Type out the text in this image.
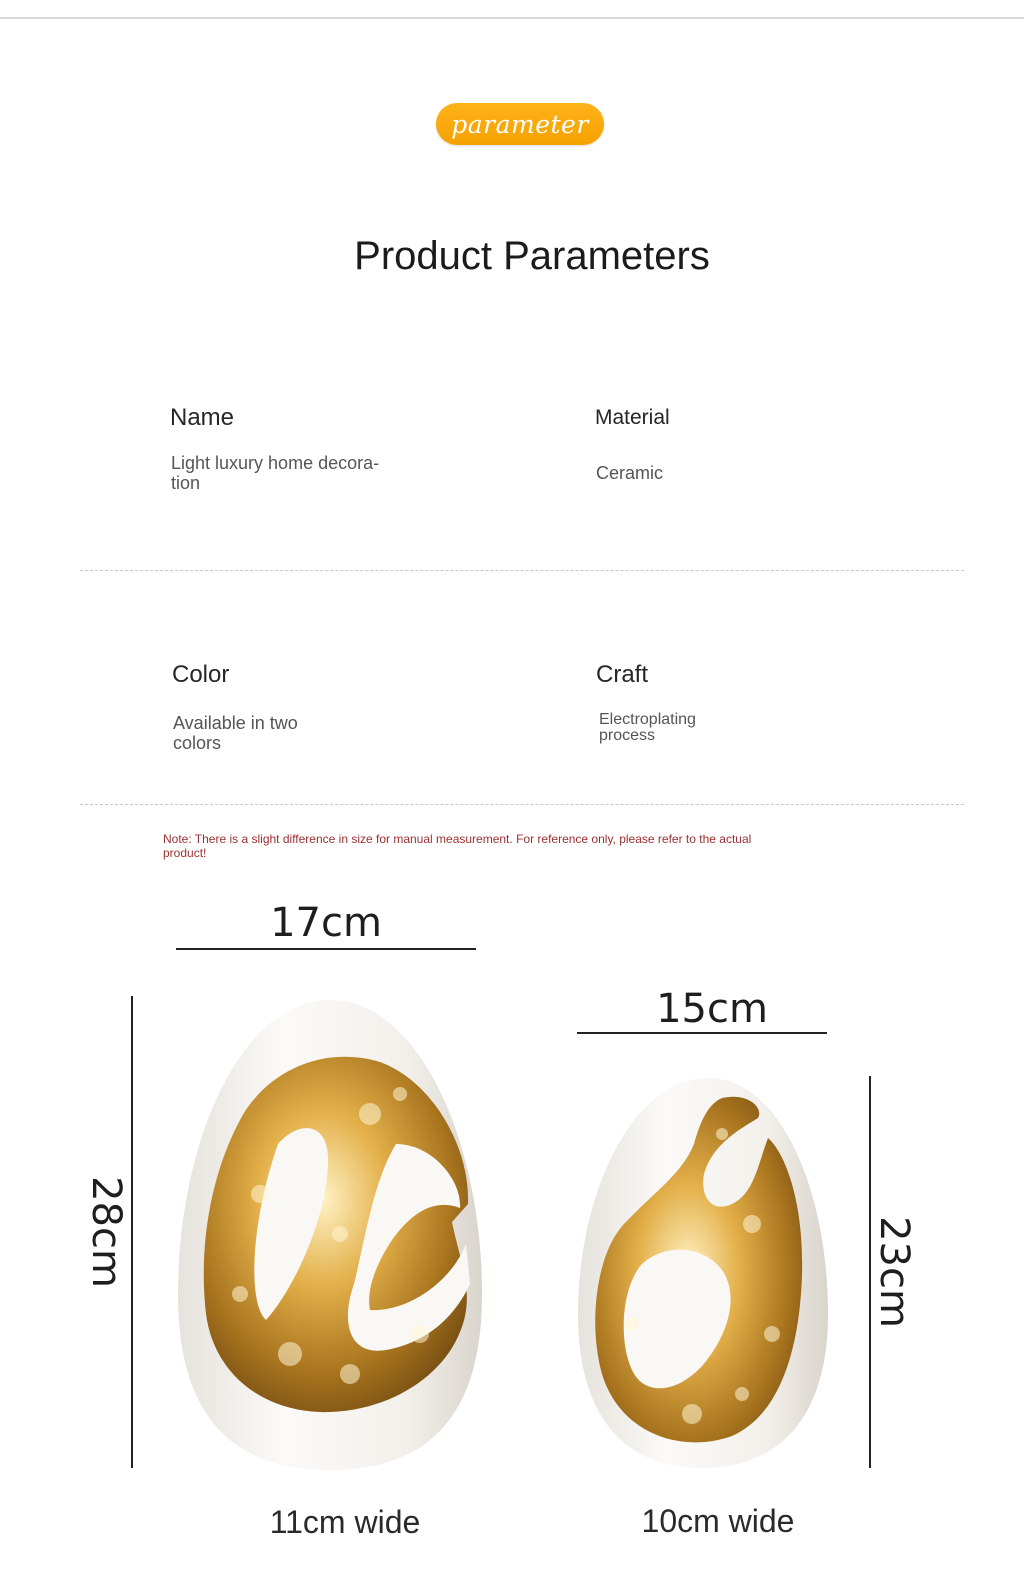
parameter
Product Parameters
Name
Light luxury home decora-
tion
Material
Ceramic
Color
Available in two
colors
Craft
Electroplating
process
Note: There is a slight difference in size for manual measurement. For reference only, please refer to the actual
product!
17cm
28cm
11cm wide
15cm
23cm
10cm wide
